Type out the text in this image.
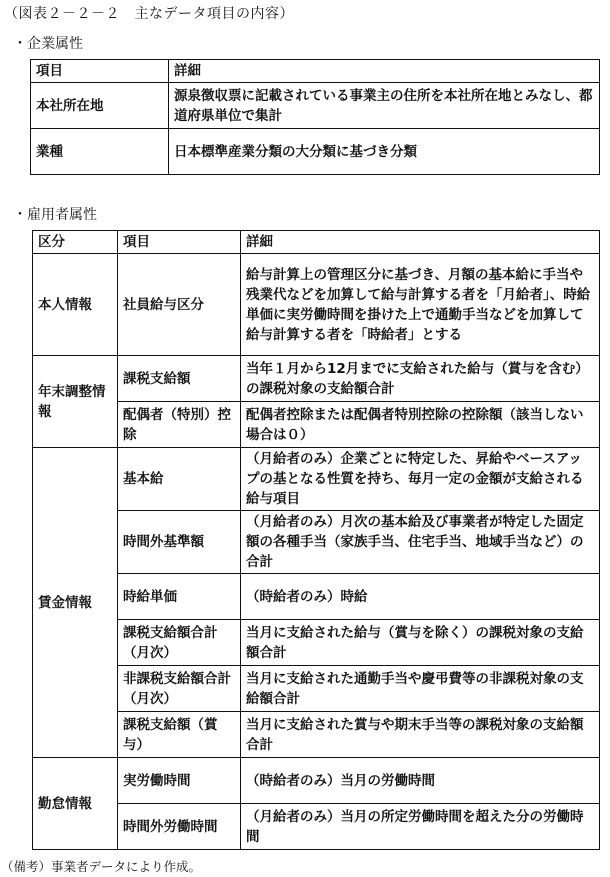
（図表２－２－２　主なデータ項目の内容）
・企業属性
項目	詳細
本社所在地	源泉徴収票に記載されている事業主の住所を本社所在地とみなし、都道府県単位で集計
業種	日本標準産業分類の大分類に基づき分類
・雇用者属性
区分	項目	詳細
本人情報	社員給与区分	給与計算上の管理区分に基づき、月額の基本給に手当や残業代などを加算して給与計算する者を「月給者」、時給単価に実労働時間を掛けた上で通勤手当などを加算して給与計算する者を「時給者」とする
年末調整情報	課税支給額	当年１月から12月までに支給された給与（賞与を含む）の課税対象の支給額合計
	配偶者（特別）控除	配偶者控除または配偶者特別控除の控除額（該当しない場合は０）
賃金情報	基本給	（月給者のみ）企業ごとに特定した、昇給やベースアップの基となる性質を持ち、毎月一定の金額が支給される給与項目
	時間外基準額	（月給者のみ）月次の基本給及び事業者が特定した固定額の各種手当（家族手当、住宅手当、地域手当など）の合計
	時給単価	（時給者のみ）時給
	課税支給額合計（月次）	当月に支給された給与（賞与を除く）の課税対象の支給額合計
	非課税支給額合計（月次）	当月に支給された通勤手当や慶弔費等の非課税対象の支給額合計
	課税支給額（賞与）	当月に支給された賞与や期末手当等の課税対象の支給額合計
勤怠情報	実労働時間	（時給者のみ）当月の労働時間
	時間外労働時間	（月給者のみ）当月の所定労働時間を超えた分の労働時間
（備考）事業者データにより作成。
